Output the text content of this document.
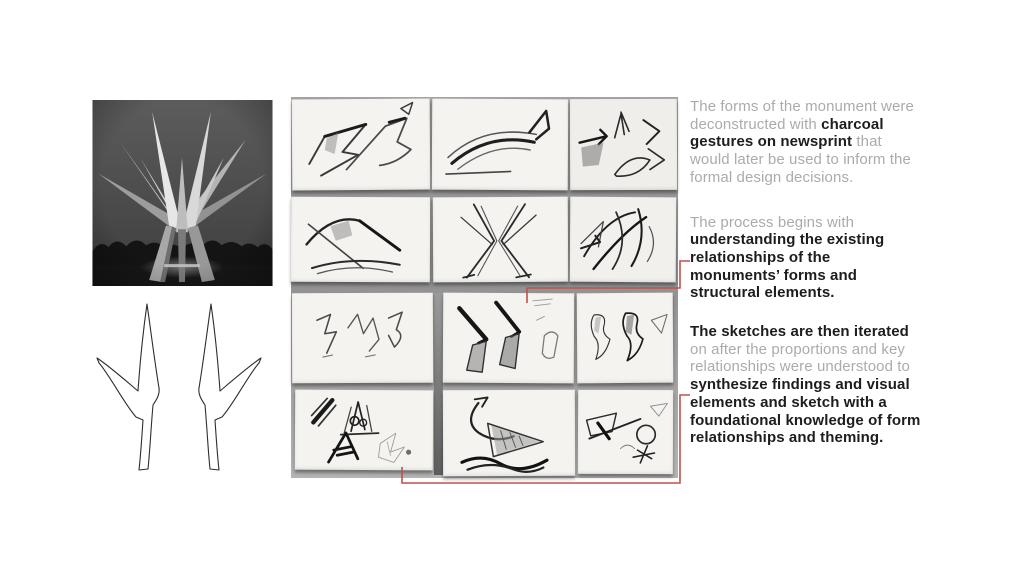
The forms of the monument were
deconstructed with charcoal
gestures on newsprint that
would later be used to inform the
formal design decisions.
The process begins with
understanding the existing
relationships of the
monuments’ forms and
structural elements.
The sketches are then iterated
on after the proportions and key
relationships were understood to
synthesize findings and visual
elements and sketch with a
foundational knowledge of form
relationships and theming.
